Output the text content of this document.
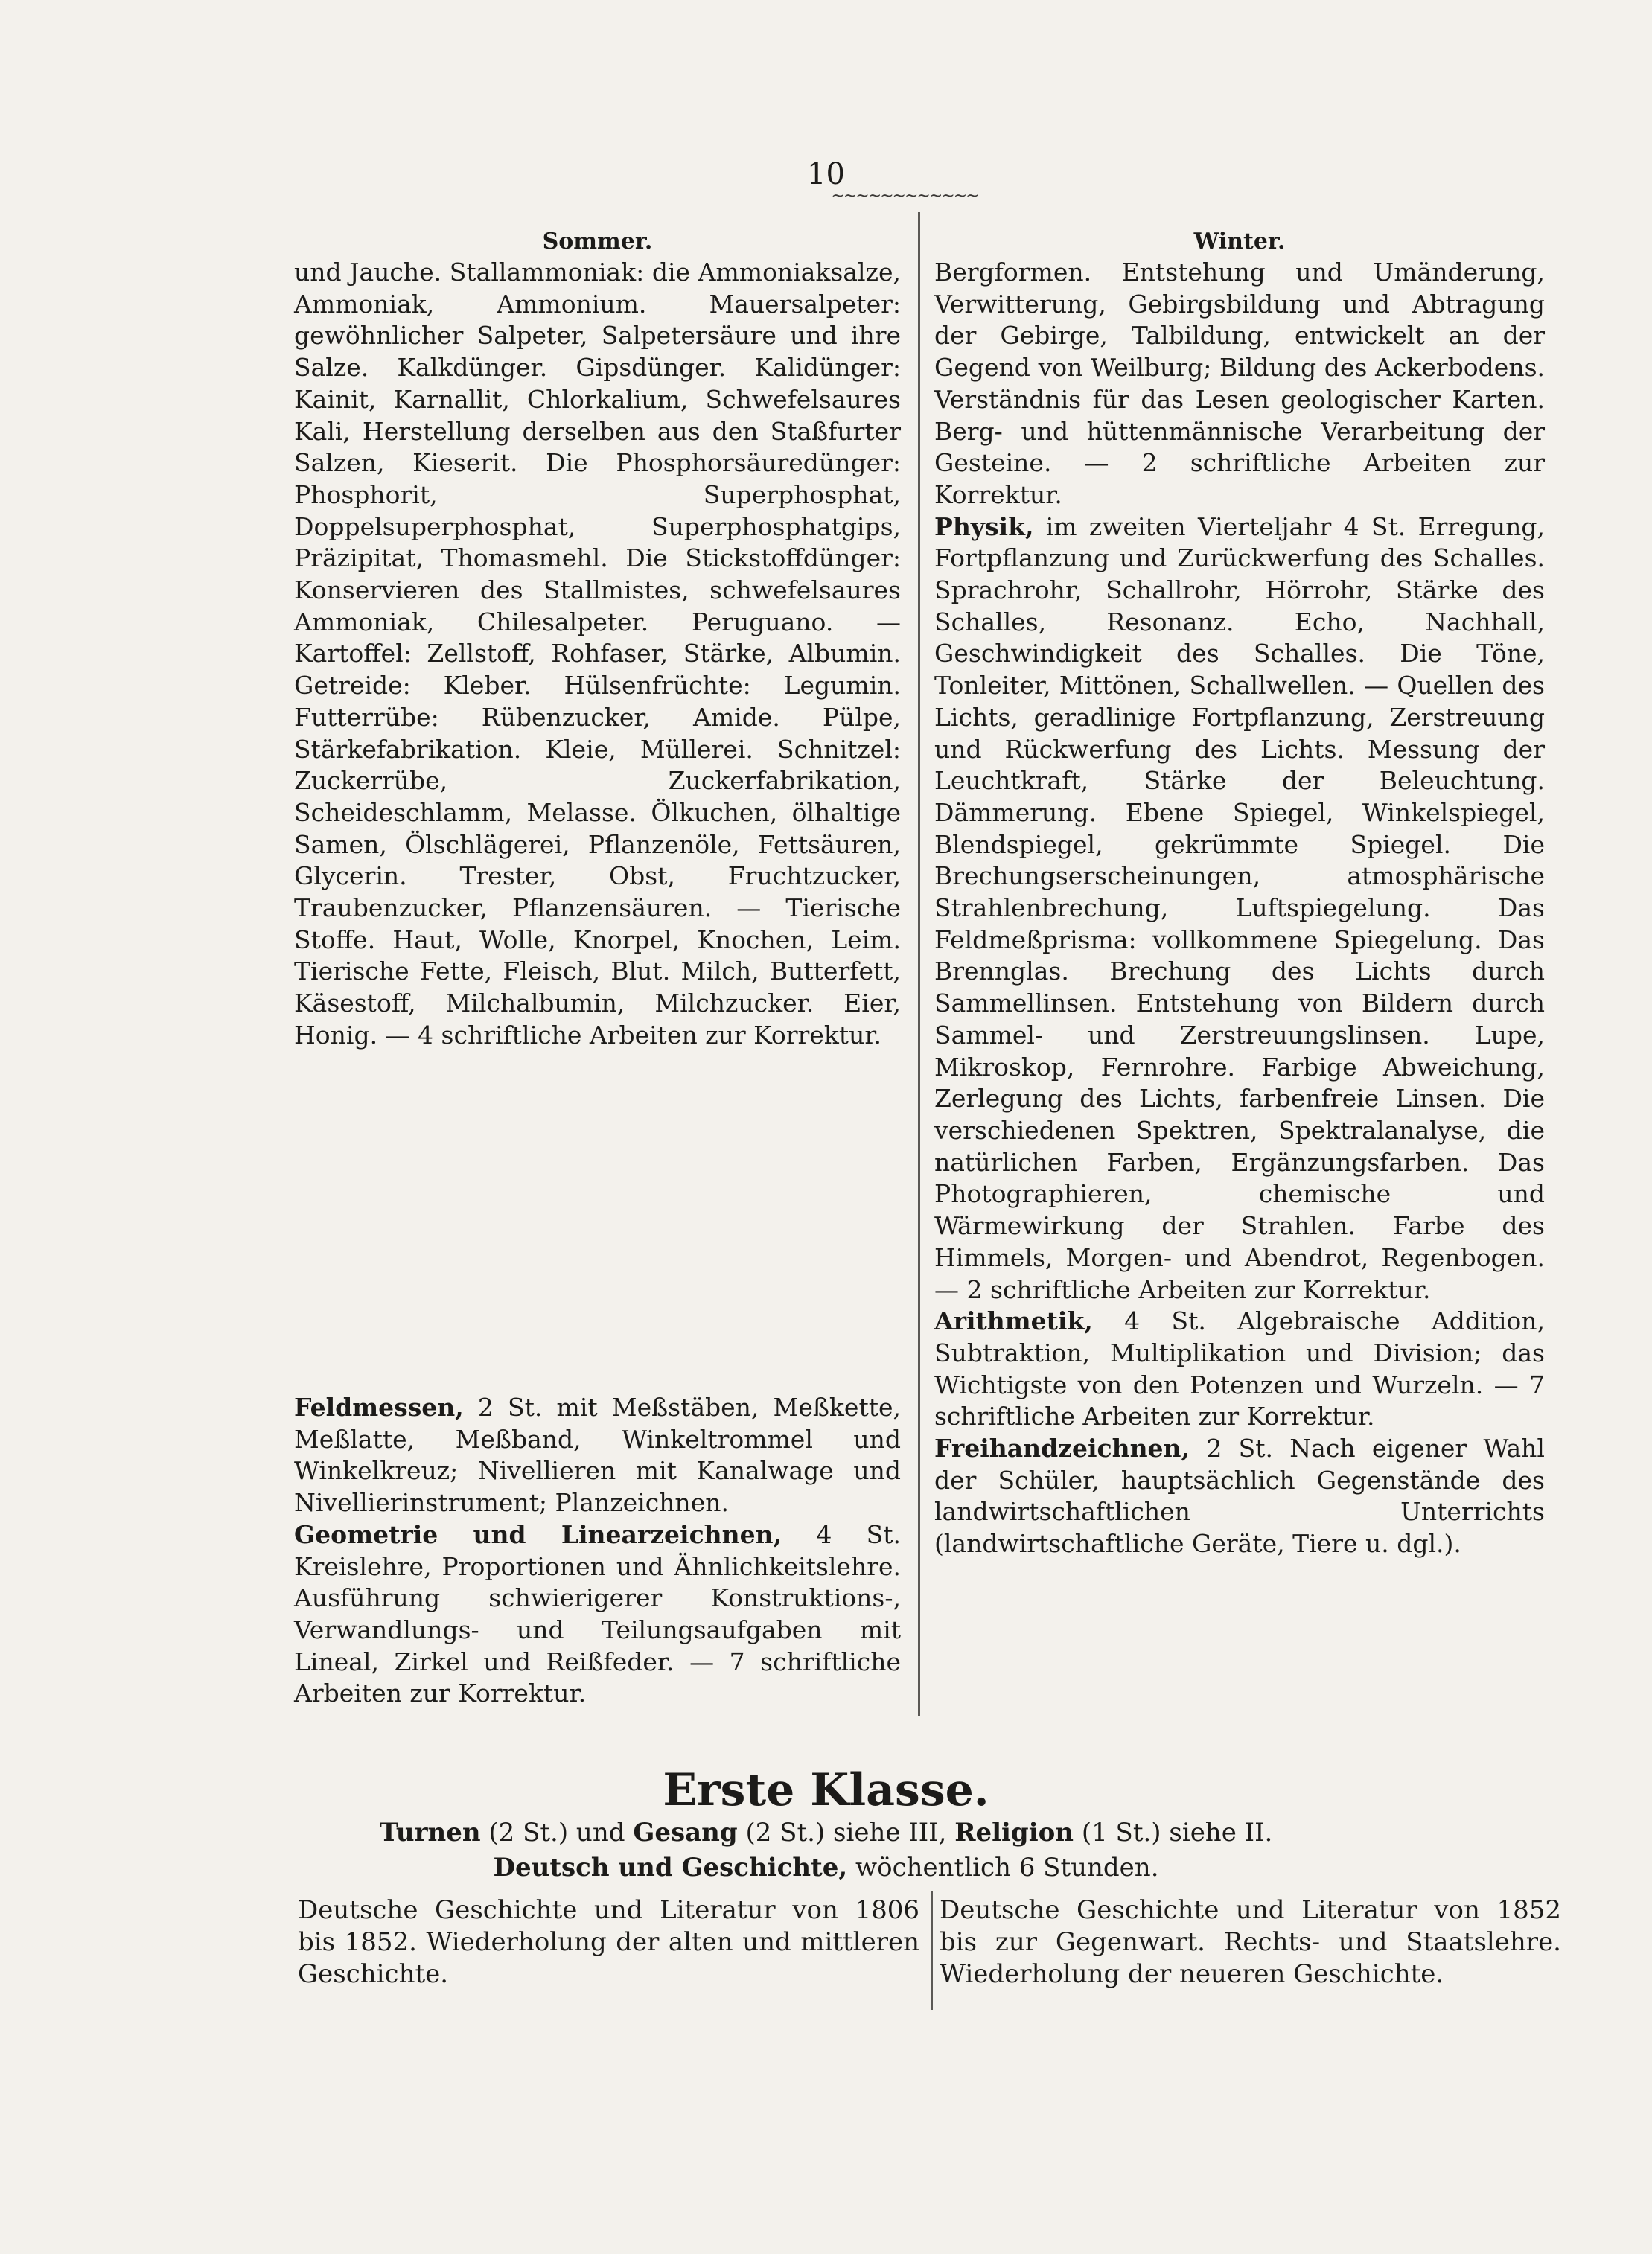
10
~~~~~~~~~~~~

Sommer.

und Jauche. Stallammoniak: die Ammoniaksalze, Ammoniak, Ammonium. Mauersalpeter: gewöhnlicher Salpeter, Salpetersäure und ihre Salze. Kalkdünger. Gipsdünger. Kalidünger: Kainit, Karnallit, Chlorkalium, Schwefelsaures Kali, Herstellung derselben aus den Staßfurter Salzen, Kieserit. Die Phosphorsäuredünger: Phosphorit, Superphosphat, Doppelsuperphosphat, Superphosphatgips, Präzipitat, Thomasmehl. Die Stickstoffdünger: Konservieren des Stallmistes, schwefelsaures Ammoniak, Chilesalpeter. Peruguano. — Kartoffel: Zellstoff, Rohfaser, Stärke, Albumin. Getreide: Kleber. Hülsenfrüchte: Legumin. Futterrübe: Rübenzucker, Amide. Pülpe, Stärkefabrikation. Kleie, Müllerei. Schnitzel: Zuckerrübe, Zuckerfabrikation, Scheideschlamm, Melasse. Ölkuchen, ölhaltige Samen, Ölschlägerei, Pflanzenöle, Fettsäuren, Glycerin. Trester, Obst, Fruchtzucker, Traubenzucker, Pflanzensäuren. — Tierische Stoffe. Haut, Wolle, Knorpel, Knochen, Leim. Tierische Fette, Fleisch, Blut. Milch, Butterfett, Käsestoff, Milchalbumin, Milchzucker. Eier, Honig. — 4 schriftliche Arbeiten zur Korrektur.

Feldmessen, 2 St. mit Meßstäben, Meßkette, Meßlatte, Meßband, Winkeltrommel und Winkelkreuz; Nivellieren mit Kanalwage und Nivellierinstrument; Planzeichnen.

Geometrie und Linearzeichnen, 4 St. Kreislehre, Proportionen und Ähnlichkeitslehre. Ausführung schwierigerer Konstruktions-, Verwandlungs- und Teilungsaufgaben mit Lineal, Zirkel und Reißfeder. — 7 schriftliche Arbeiten zur Korrektur.

Winter.

Bergformen. Entstehung und Umänderung, Verwitterung, Gebirgsbildung und Abtragung der Gebirge, Talbildung, entwickelt an der Gegend von Weilburg; Bildung des Ackerbodens. Verständnis für das Lesen geologischer Karten. Berg- und hüttenmännische Verarbeitung der Gesteine. — 2 schriftliche Arbeiten zur Korrektur.

Physik, im zweiten Vierteljahr 4 St. Erregung, Fortpflanzung und Zurückwerfung des Schalles. Sprachrohr, Schallrohr, Hörrohr, Stärke des Schalles, Resonanz. Echo, Nachhall, Geschwindigkeit des Schalles. Die Töne, Tonleiter, Mittönen, Schallwellen. — Quellen des Lichts, geradlinige Fortpflanzung, Zerstreuung und Rückwerfung des Lichts. Messung der Leuchtkraft, Stärke der Beleuchtung. Dämmerung. Ebene Spiegel, Winkelspiegel, Blendspiegel, gekrümmte Spiegel. Die Brechungserscheinungen, atmosphärische Strahlenbrechung, Luftspiegelung. Das Feldmeßprisma: vollkommene Spiegelung. Das Brennglas. Brechung des Lichts durch Sammellinsen. Entstehung von Bildern durch Sammel- und Zerstreuungslinsen. Lupe, Mikroskop, Fernrohre. Farbige Abweichung, Zerlegung des Lichts, farbenfreie Linsen. Die verschiedenen Spektren, Spektralanalyse, die natürlichen Farben, Ergänzungsfarben. Das Photographieren, chemische und Wärmewirkung der Strahlen. Farbe des Himmels, Morgen- und Abendrot, Regenbogen. — 2 schriftliche Arbeiten zur Korrektur.

Arithmetik, 4 St. Algebraische Addition, Subtraktion, Multiplikation und Division; das Wichtigste von den Potenzen und Wurzeln. — 7 schriftliche Arbeiten zur Korrektur.

Freihandzeichnen, 2 St. Nach eigener Wahl der Schüler, hauptsächlich Gegenstände des landwirtschaftlichen Unterrichts (landwirtschaftliche Geräte, Tiere u. dgl.).

Erste Klasse.
Turnen (2 St.) und Gesang (2 St.) siehe III, Religion (1 St.) siehe II.
Deutsch und Geschichte, wöchentlich 6 Stunden.

Deutsche Geschichte und Literatur von 1806 bis 1852. Wiederholung der alten und mittleren Geschichte.

Deutsche Geschichte und Literatur von 1852 bis zur Gegenwart. Rechts- und Staatslehre. Wiederholung der neueren Geschichte.
